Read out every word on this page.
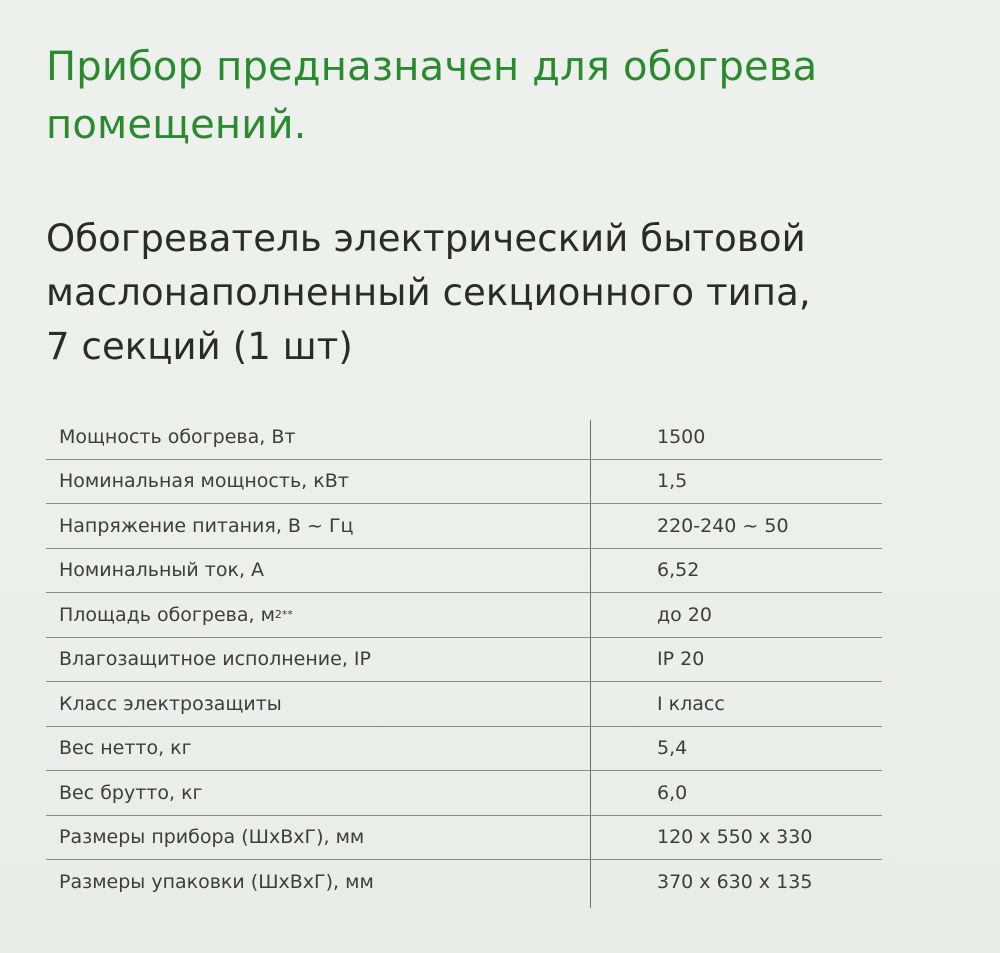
Прибор предназначен для обогрева
помещений.
Обогреватель электрический бытовой
маслонаполненный секционного типа,
7 секций (1 шт)
Мощность обогрева, Вт	1500
Номинальная мощность, кВт	1,5
Напряжение питания, В ~ Гц	220-240 ~ 50
Номинальный ток, А	6,52
Площадь обогрева, м 2**	до 20
Влагозащитное исполнение, IP	IP 20
Класс электрозащиты	I класс
Вес нетто, кг	5,4
Вес брутто, кг	6,0
Размеры прибора (ШхВхГ), мм	120 x 550 x 330
Размеры упаковки (ШхВхГ), мм	370 x 630 x 135
